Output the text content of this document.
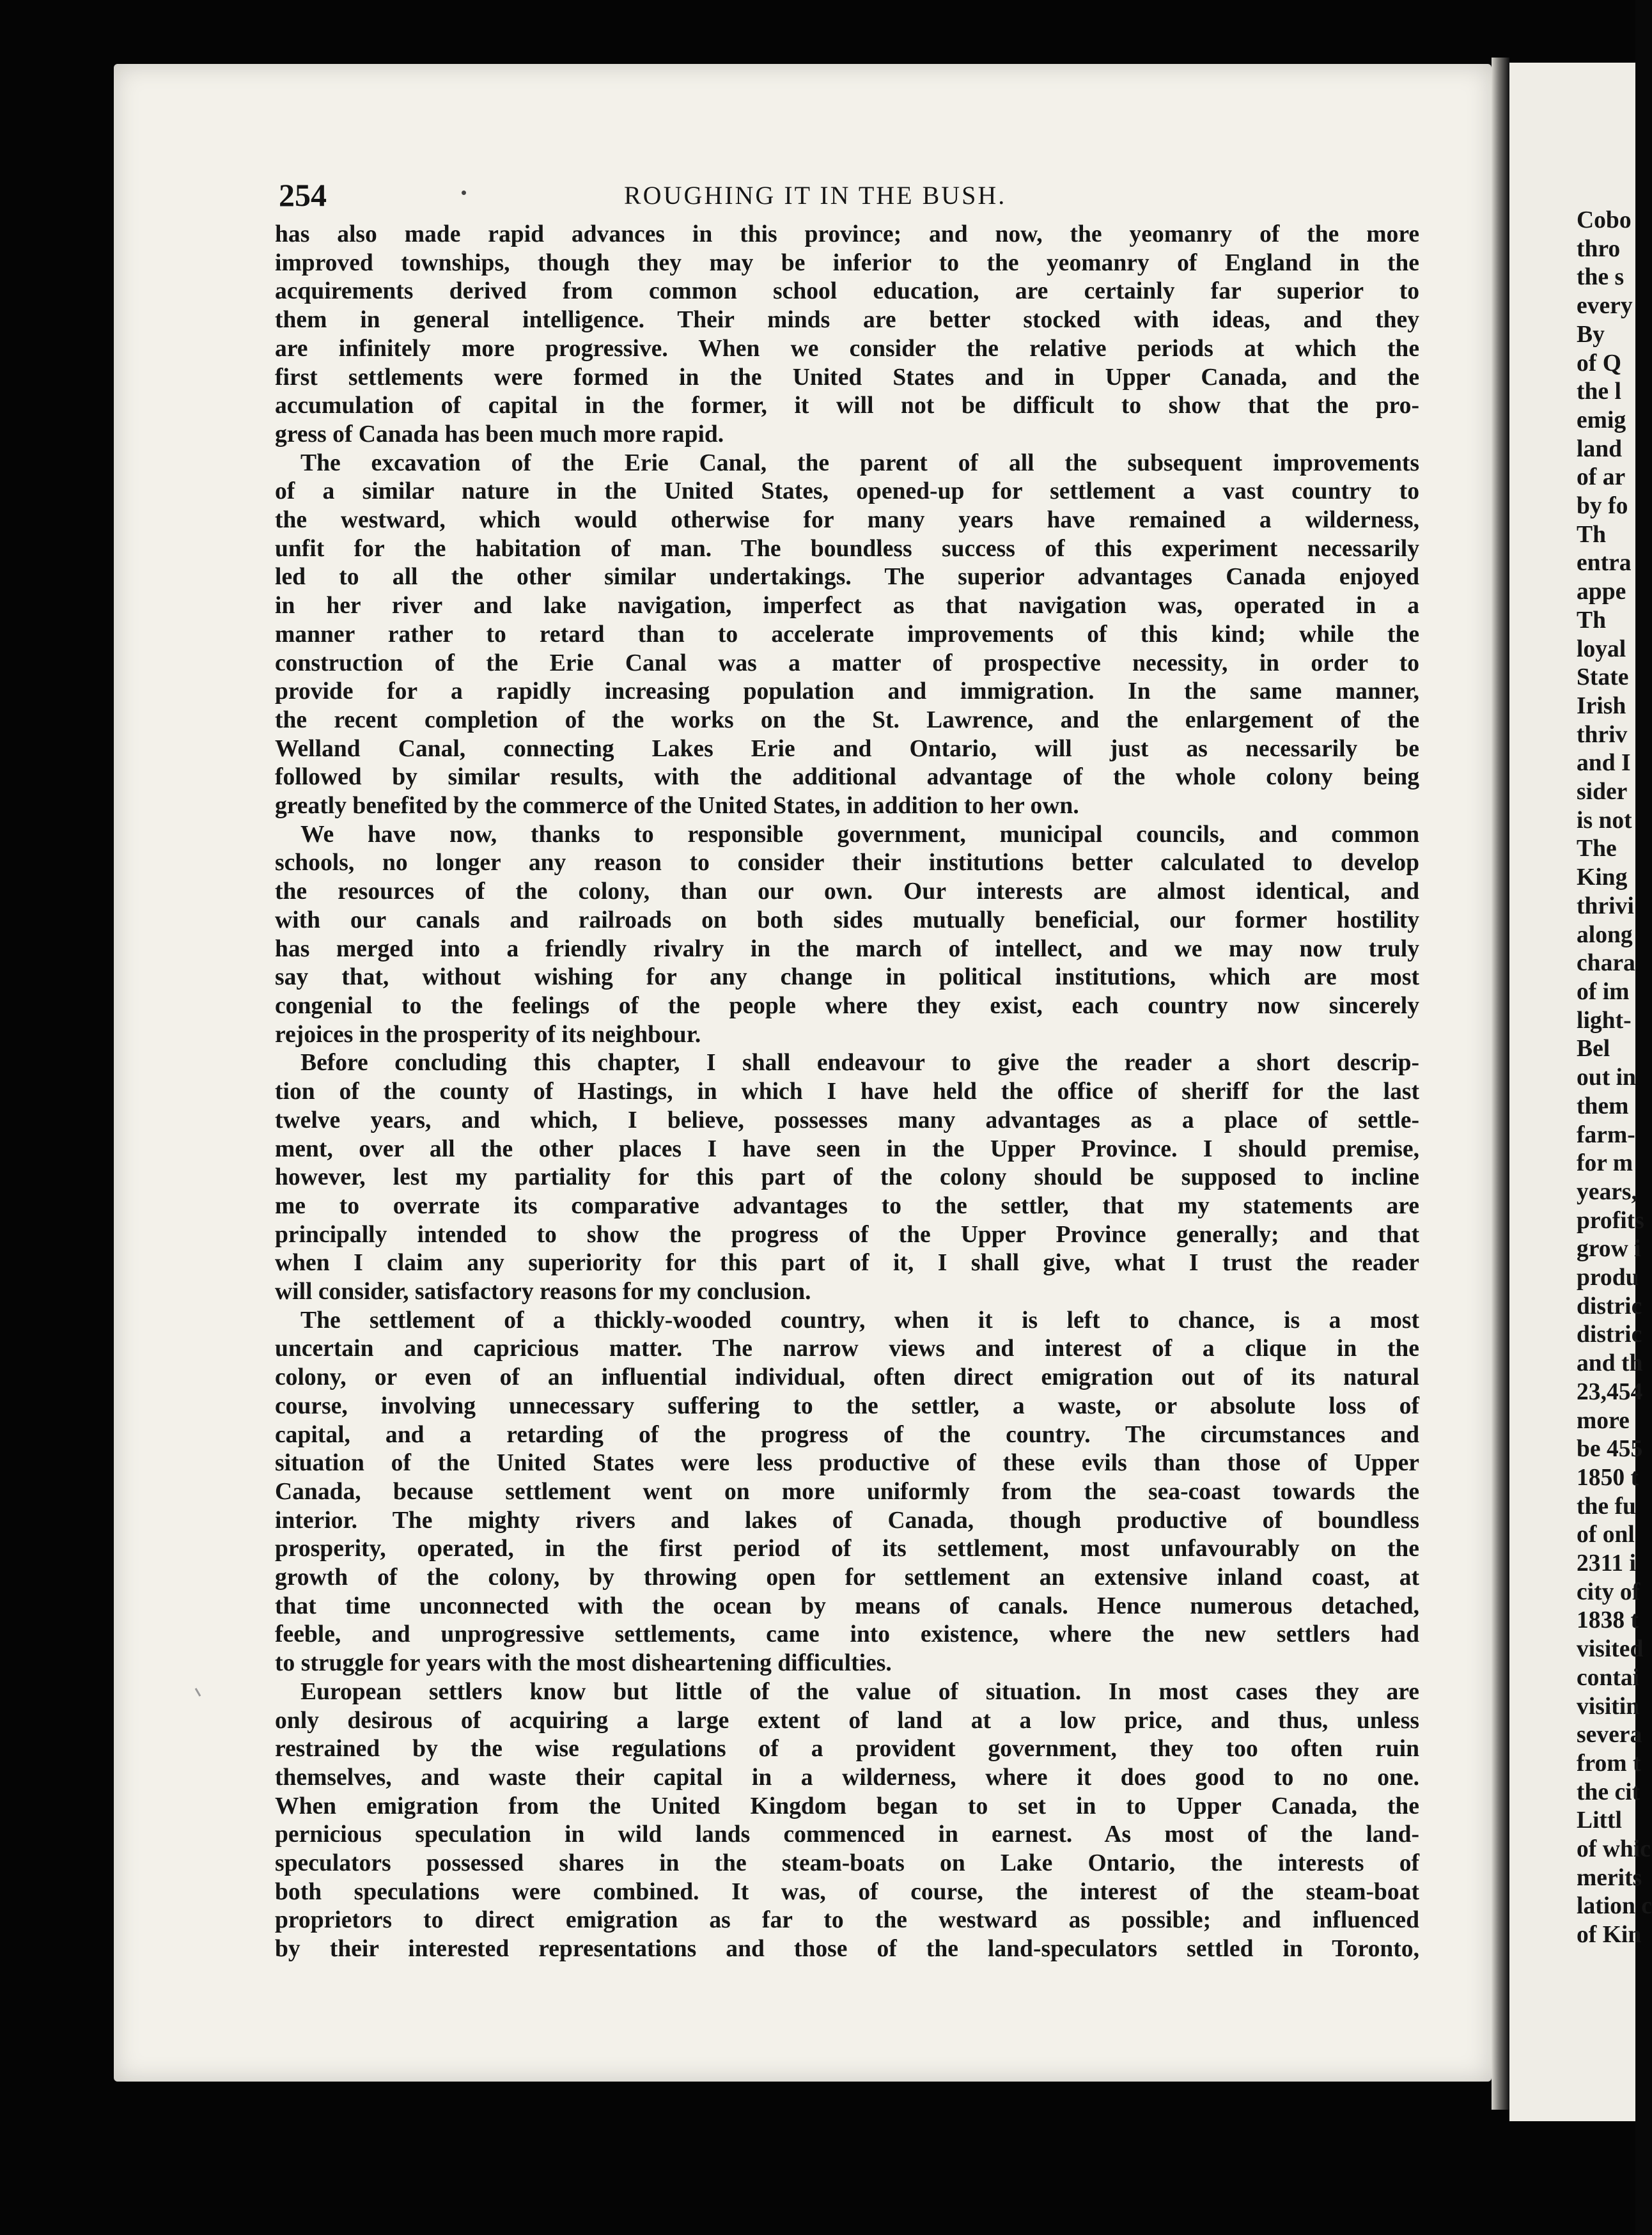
254	ROUGHING IT IN THE BUSH.
has also made rapid advances in this province; and now, the yeomanry of the more
improved townships, though they may be inferior to the yeomanry of England in the
acquirements derived from common school education, are certainly far superior to
them in general intelligence. Their minds are better stocked with ideas, and they
are infinitely more progressive. When we consider the relative periods at which the
first settlements were formed in the United States and in Upper Canada, and the
accumulation of capital in the former, it will not be difficult to show that the pro-
gress of Canada has been much more rapid.
The excavation of the Erie Canal, the parent of all the subsequent improvements
of a similar nature in the United States, opened-up for settlement a vast country to
the westward, which would otherwise for many years have remained a wilderness,
unfit for the habitation of man. The boundless success of this experiment necessarily
led to all the other similar undertakings. The superior advantages Canada enjoyed
in her river and lake navigation, imperfect as that navigation was, operated in a
manner rather to retard than to accelerate improvements of this kind; while the
construction of the Erie Canal was a matter of prospective necessity, in order to
provide for a rapidly increasing population and immigration. In the same manner,
the recent completion of the works on the St. Lawrence, and the enlargement of the
Welland Canal, connecting Lakes Erie and Ontario, will just as necessarily be
followed by similar results, with the additional advantage of the whole colony being
greatly benefited by the commerce of the United States, in addition to her own.
We have now, thanks to responsible government, municipal councils, and common
schools, no longer any reason to consider their institutions better calculated to develop
the resources of the colony, than our own. Our interests are almost identical, and
with our canals and railroads on both sides mutually beneficial, our former hostility
has merged into a friendly rivalry in the march of intellect, and we may now truly
say that, without wishing for any change in political institutions, which are most
congenial to the feelings of the people where they exist, each country now sincerely
rejoices in the prosperity of its neighbour.
Before concluding this chapter, I shall endeavour to give the reader a short descrip-
tion of the county of Hastings, in which I have held the office of sheriff for the last
twelve years, and which, I believe, possesses many advantages as a place of settle-
ment, over all the other places I have seen in the Upper Province. I should premise,
however, lest my partiality for this part of the colony should be supposed to incline
me to overrate its comparative advantages to the settler, that my statements are
principally intended to show the progress of the Upper Province generally; and that
when I claim any superiority for this part of it, I shall give, what I trust the reader
will consider, satisfactory reasons for my conclusion.
The settlement of a thickly-wooded country, when it is left to chance, is a most
uncertain and capricious matter. The narrow views and interest of a clique in the
colony, or even of an influential individual, often direct emigration out of its natural
course, involving unnecessary suffering to the settler, a waste, or absolute loss of
capital, and a retarding of the progress of the country. The circumstances and
situation of the United States were less productive of these evils than those of Upper
Canada, because settlement went on more uniformly from the sea-coast towards the
interior. The mighty rivers and lakes of Canada, though productive of boundless
prosperity, operated, in the first period of its settlement, most unfavourably on the
growth of the colony, by throwing open for settlement an extensive inland coast, at
that time unconnected with the ocean by means of canals. Hence numerous detached,
feeble, and unprogressive settlements, came into existence, where the new settlers had
to struggle for years with the most disheartening difficulties.
European settlers know but little of the value of situation. In most cases they are
only desirous of acquiring a large extent of land at a low price, and thus, unless
restrained by the wise regulations of a provident government, they too often ruin
themselves, and waste their capital in a wilderness, where it does good to no one.
When emigration from the United Kingdom began to set in to Upper Canada, the
pernicious speculation in wild lands commenced in earnest. As most of the land-
speculators possessed shares in the steam-boats on Lake Ontario, the interests of
both speculations were combined. It was, of course, the interest of the steam-boat
proprietors to direct emigration as far to the westward as possible; and influenced
by their interested representations and those of the land-speculators settled in Toronto,
Cobo
thro
the s
every
By
of Q
the l
emig
land
of ar
by fo
Th
entra
appe
Th
loyal
State
Irish
thriv
and I
sider
is not
The
King
thrivi
along
chara
of im
light-
Bel
out in
them
farm-
for m
years,
profits
grow i
produ
distric
distric
and th
23,454
more
be 455
1850 t
the fu
of onl
2311 i
city of
1838 t
visited
contai
visitin
severa
from t
the cit
Littl
of whic
merits
lation c
of Kin
